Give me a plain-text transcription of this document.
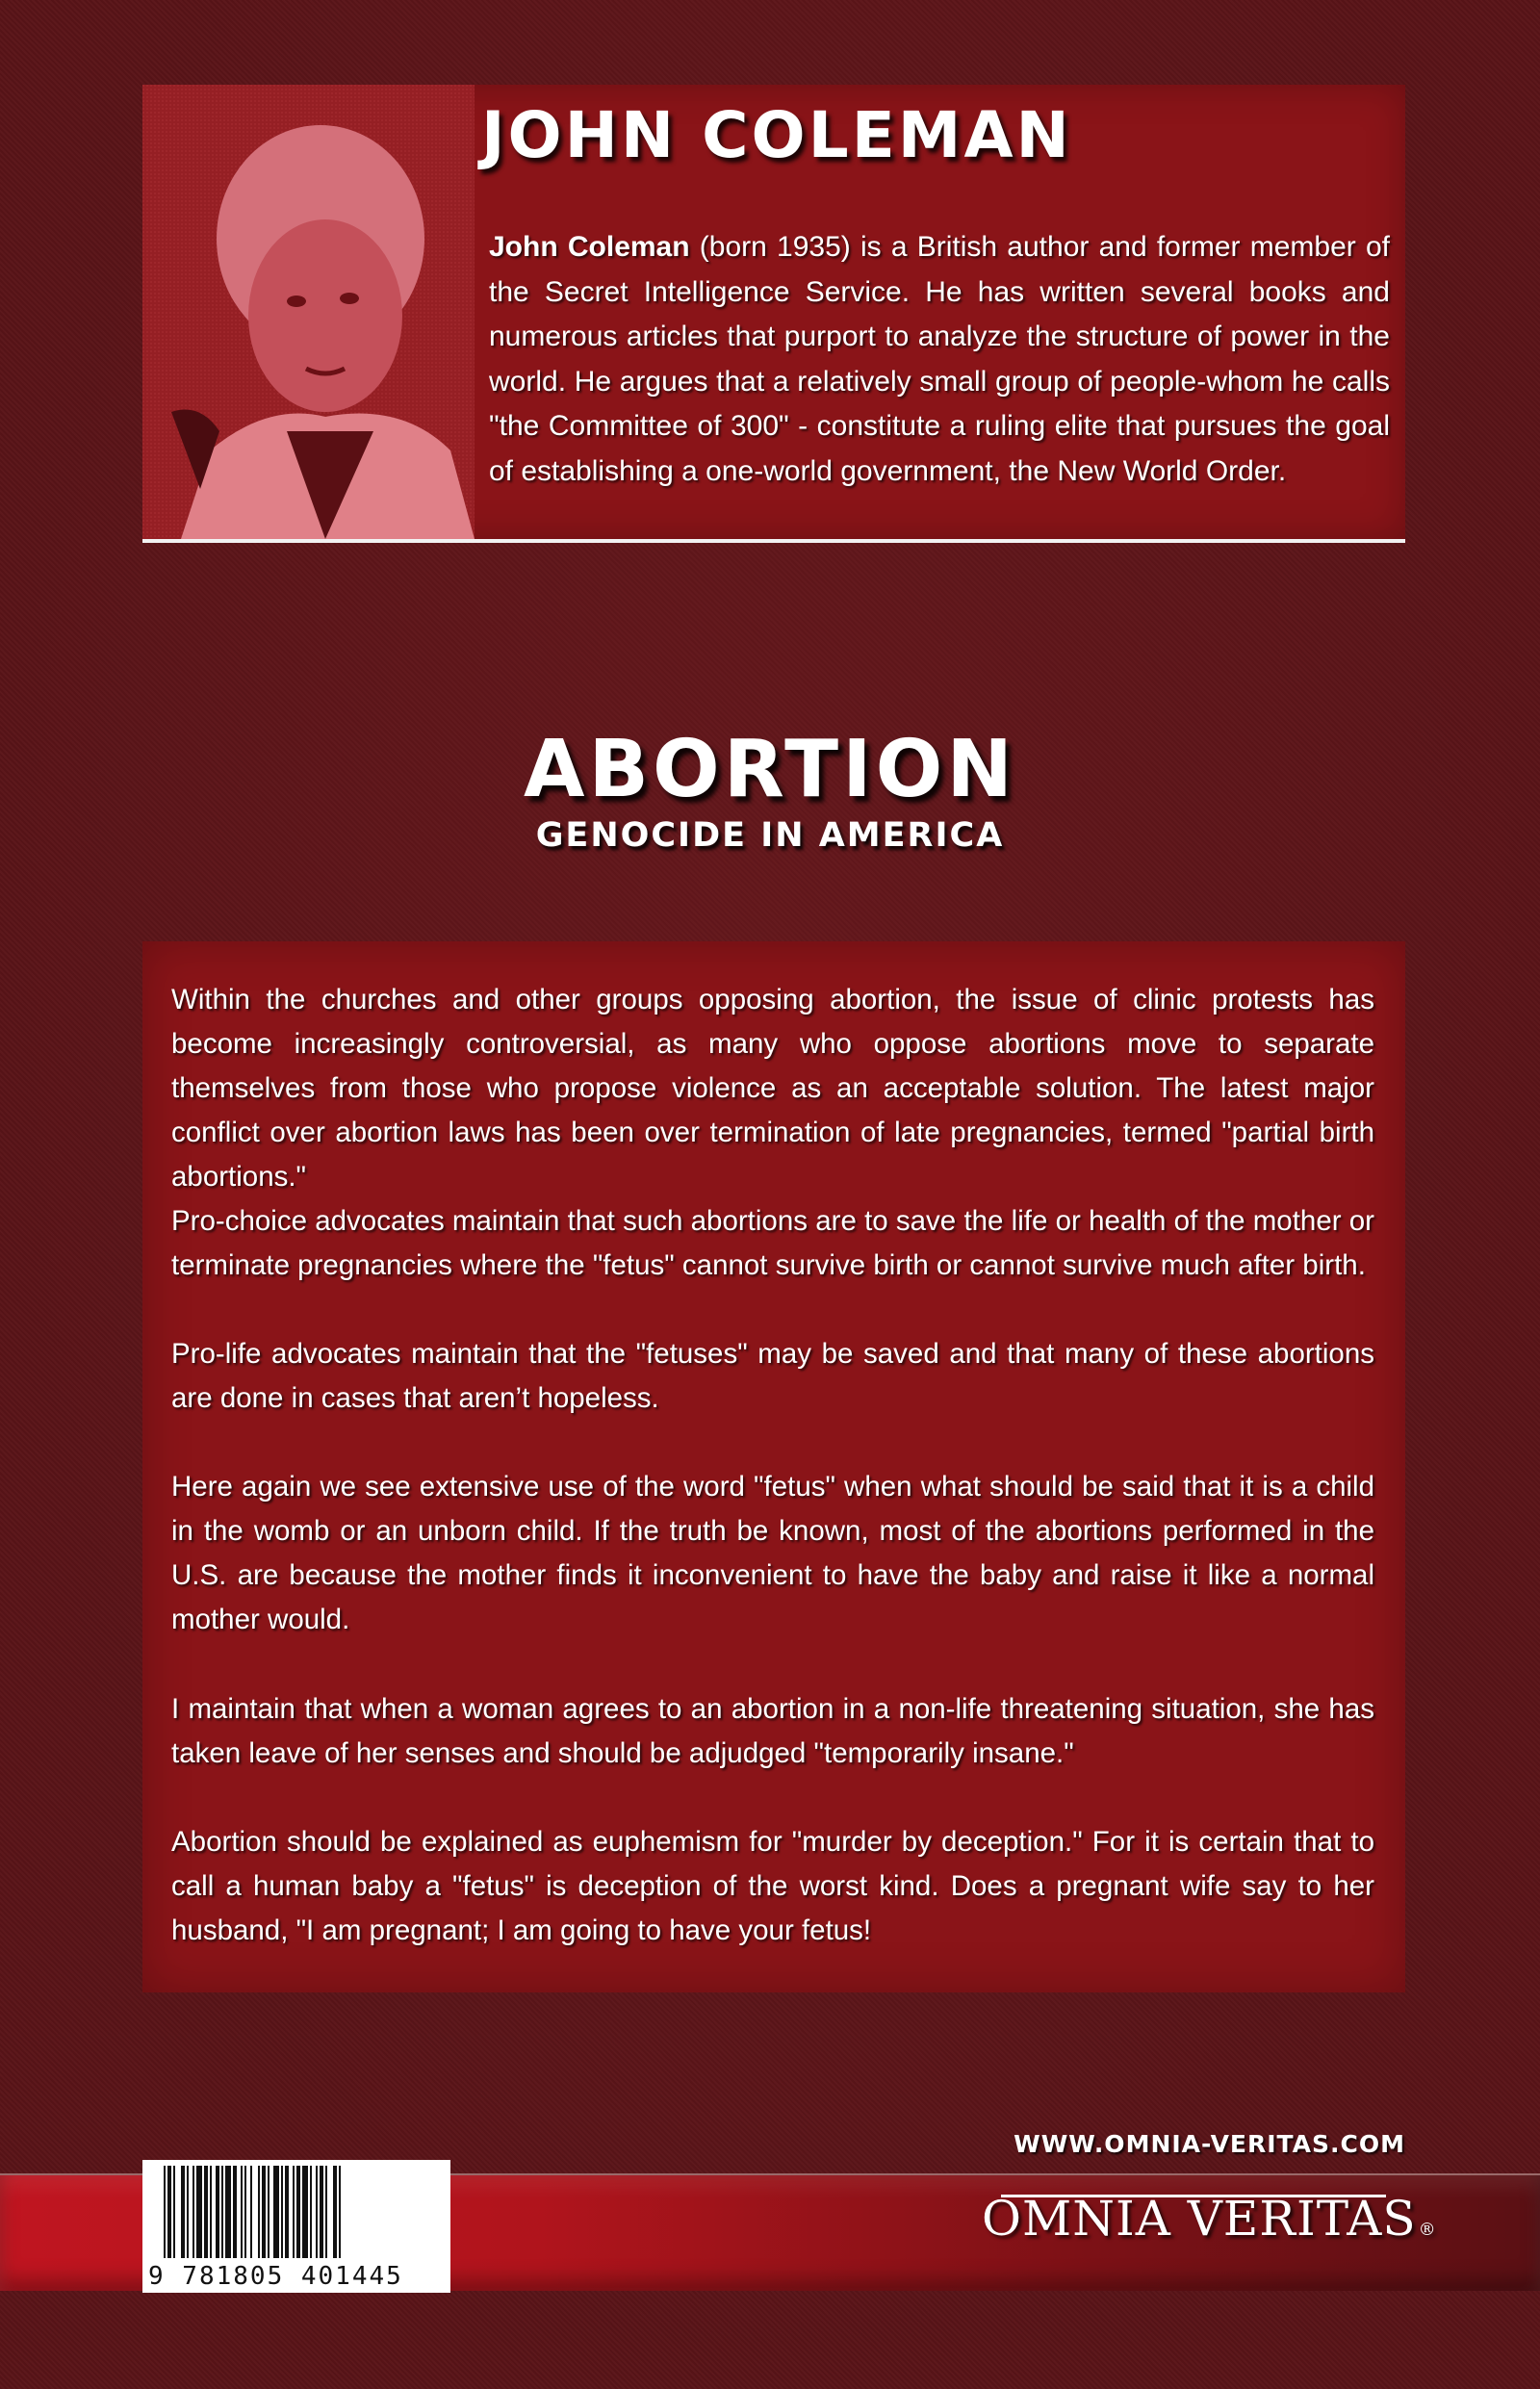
JOHN COLEMAN

John Coleman (born 1935) is a British author and former member of the Secret Intelligence Service. He has written several books and numerous articles that purport to analyze the structure of power in the world. He argues that a relatively small group of people-whom he calls "the Committee of 300" - constitute a ruling elite that pursues the goal of establishing a one-world government, the New World Order.

ABORTION
GENOCIDE IN AMERICA

Within the churches and other groups opposing abortion, the issue of clinic protests has become increasingly controversial, as many who oppose abortions move to separate themselves from those who propose violence as an acceptable solution. The latest major conflict over abortion laws has been over termination of late pregnancies, termed "partial birth abortions."

Pro-choice advocates maintain that such abortions are to save the life or health of the mother or terminate pregnancies where the "fetus" cannot survive birth or cannot survive much after birth.

Pro-life advocates maintain that the "fetuses" may be saved and that many of these abortions are done in cases that aren’t hopeless.

Here again we see extensive use of the word "fetus" when what should be said that it is a child in the womb or an unborn child. If the truth be known, most of the abortions performed in the U.S. are because the mother finds it inconvenient to have the baby and raise it like a normal mother would.

I maintain that when a woman agrees to an abortion in a non-life threatening situation, she has taken leave of her senses and should be adjudged "temporarily insane."

Abortion should be explained as euphemism for "murder by deception." For it is certain that to call a human baby a "fetus" is deception of the worst kind. Does a pregnant wife say to her husband, "I am pregnant; I am going to have your fetus!

WWW.OMNIA-VERITAS.COM

9 781805 401445

OMNIA VERITAS ®
